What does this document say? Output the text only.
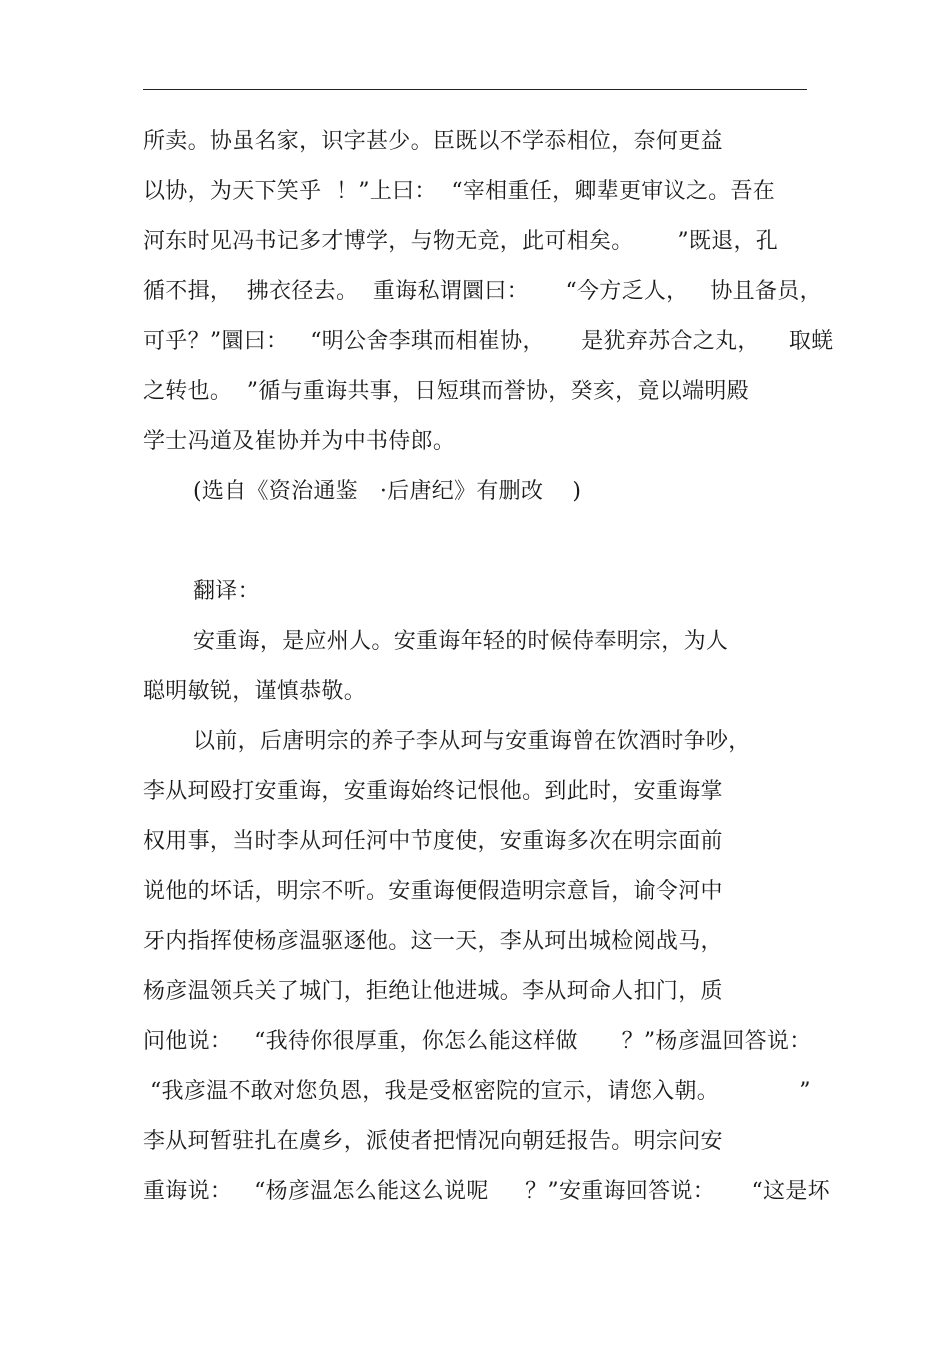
所卖。协虽名家，识字甚少。臣既以不学忝相位，奈何更益
以协，为天下笑乎  ！”上曰：  “宰相重任，卿辈更审议之。吾在
河东时见冯书记多才博学，与物无竞，此可相矣。      ”既退，孔
循不揖，  拂衣径去。  重诲私谓圜曰：     “今方乏人，   协且备员，
可乎？”圜曰：   “明公舍李琪而相崔协，     是犹弃苏合之丸，    取蜣
之转也。  ”循与重诲共事，日短琪而誉协，癸亥，竟以端明殿
学士冯道及崔协并为中书侍郎。
(选自《资治通鉴   ·后唐纪》有删改    )
翻译：
安重诲，是应州人。安重诲年轻的时候侍奉明宗，为人
聪明敏锐，谨慎恭敬。
以前，后唐明宗的养子李从珂与安重诲曾在饮酒时争吵，
李从珂殴打安重诲，安重诲始终记恨他。到此时，安重诲掌
权用事，当时李从珂任河中节度使，安重诲多次在明宗面前
说他的坏话，明宗不听。安重诲便假造明宗意旨，谕令河中
牙内指挥使杨彦温驱逐他。这一天，李从珂出城检阅战马，
杨彦温领兵关了城门，拒绝让他进城。李从珂命人扣门，质
问他说：   “我待你很厚重，你怎么能这样做      ？”杨彦温回答说：
“我彦温不敢对您负恩，我是受枢密院的宣示，请您入朝。           ”
李从珂暂驻扎在虞乡，派使者把情况向朝廷报告。明宗问安
重诲说：   “杨彦温怎么能这么说呢     ？”安重诲回答说：     “这是坏
